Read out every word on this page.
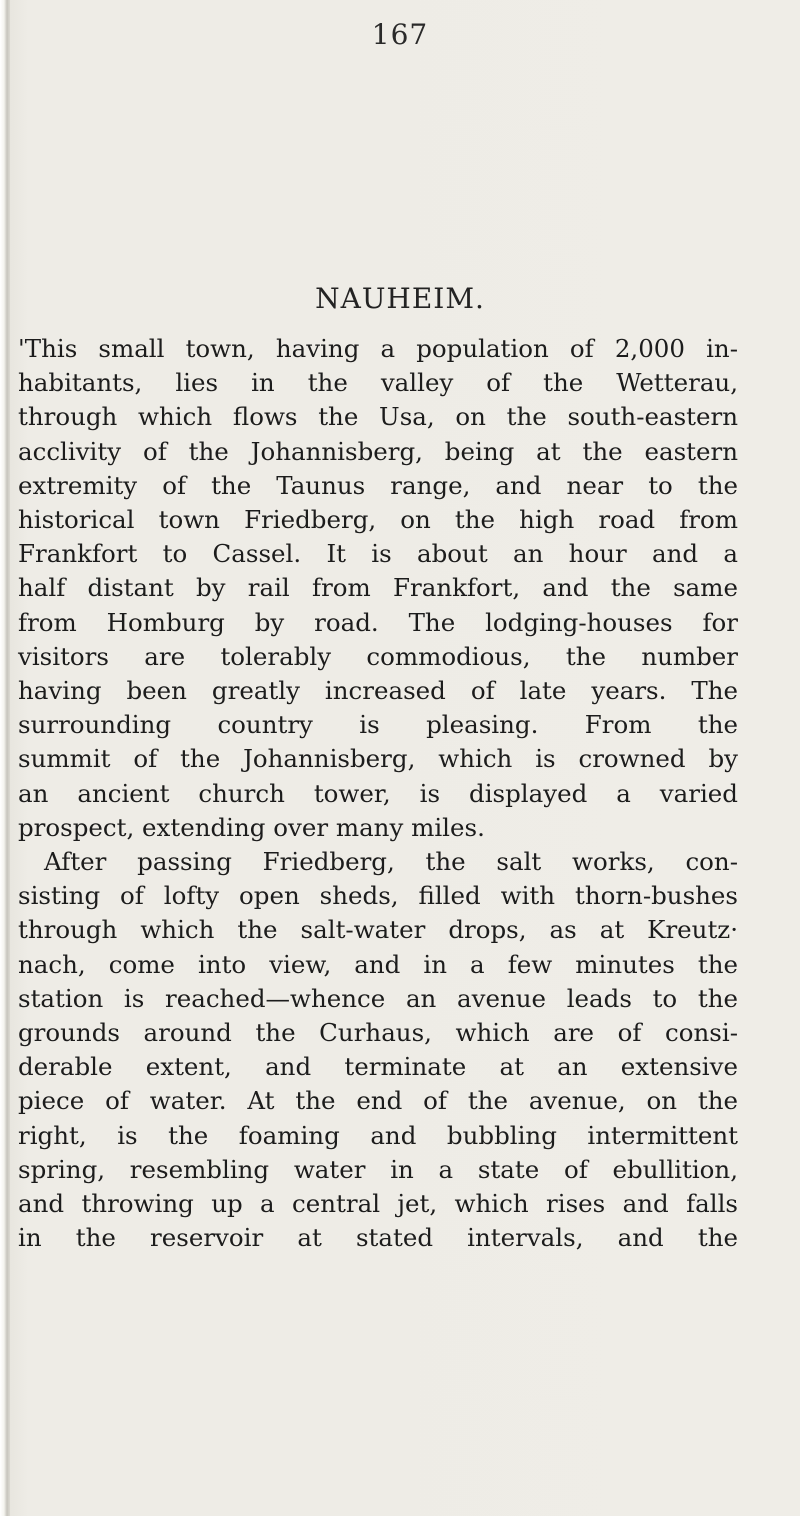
167
NAUHEIM.
'This small town, having a population of 2,000 in-
habitants, lies in the valley of the Wetterau,
through which flows the Usa, on the south-eastern
acclivity of the Johannisberg, being at the eastern
extremity of the Taunus range, and near to the
historical town Friedberg, on the high road from
Frankfort to Cassel. It is about an hour and a
half distant by rail from Frankfort, and the same
from Homburg by road. The lodging-houses for
visitors are tolerably commodious, the number
having been greatly increased of late years. The
surrounding country is pleasing. From the
summit of the Johannisberg, which is crowned by
an ancient church tower, is displayed a varied
prospect, extending over many miles.
After passing Friedberg, the salt works, con-
sisting of lofty open sheds, filled with thorn-bushes
through which the salt-water drops, as at Kreutz·
nach, come into view, and in a few minutes the
station is reached—whence an avenue leads to the
grounds around the Curhaus, which are of consi-
derable extent, and terminate at an extensive
piece of water. At the end of the avenue, on the
right, is the foaming and bubbling intermittent
spring, resembling water in a state of ebullition,
and throwing up a central jet, which rises and falls
in the reservoir at stated intervals, and the
